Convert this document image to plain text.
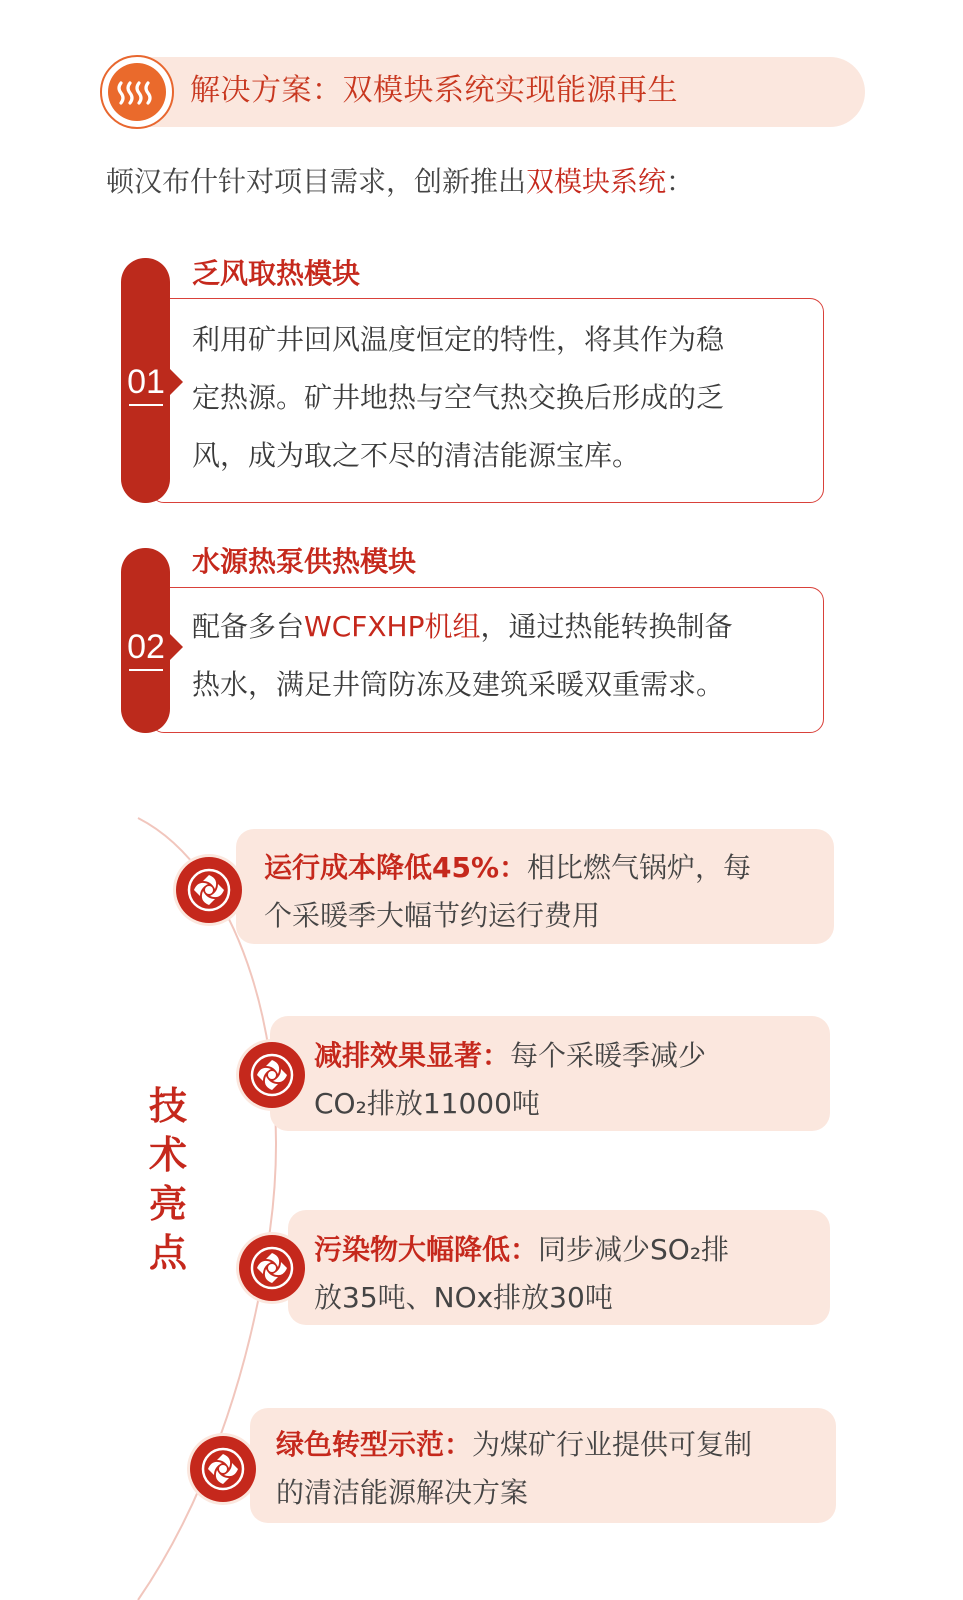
解决方案：双模块系统实现能源再生
顿汉布什针对项目需求，创新推出双模块系统：
01
乏风取热模块
利用矿井回风温度恒定的特性，将其作为稳
定热源。矿井地热与空气热交换后形成的乏
风，成为取之不尽的清洁能源宝库。
02
水源热泵供热模块
配备多台WCFXHP机组，通过热能转换制备
热水，满足井筒防冻及建筑采暖双重需求。
技术亮点
运行成本降低45%：相比燃气锅炉，每
个采暖季大幅节约运行费用
减排效果显著：每个采暖季减少
CO₂排放11000吨
污染物大幅降低：同步减少SO₂排
放35吨、NOx排放30吨
绿色转型示范：为煤矿行业提供可复制
的清洁能源解决方案
